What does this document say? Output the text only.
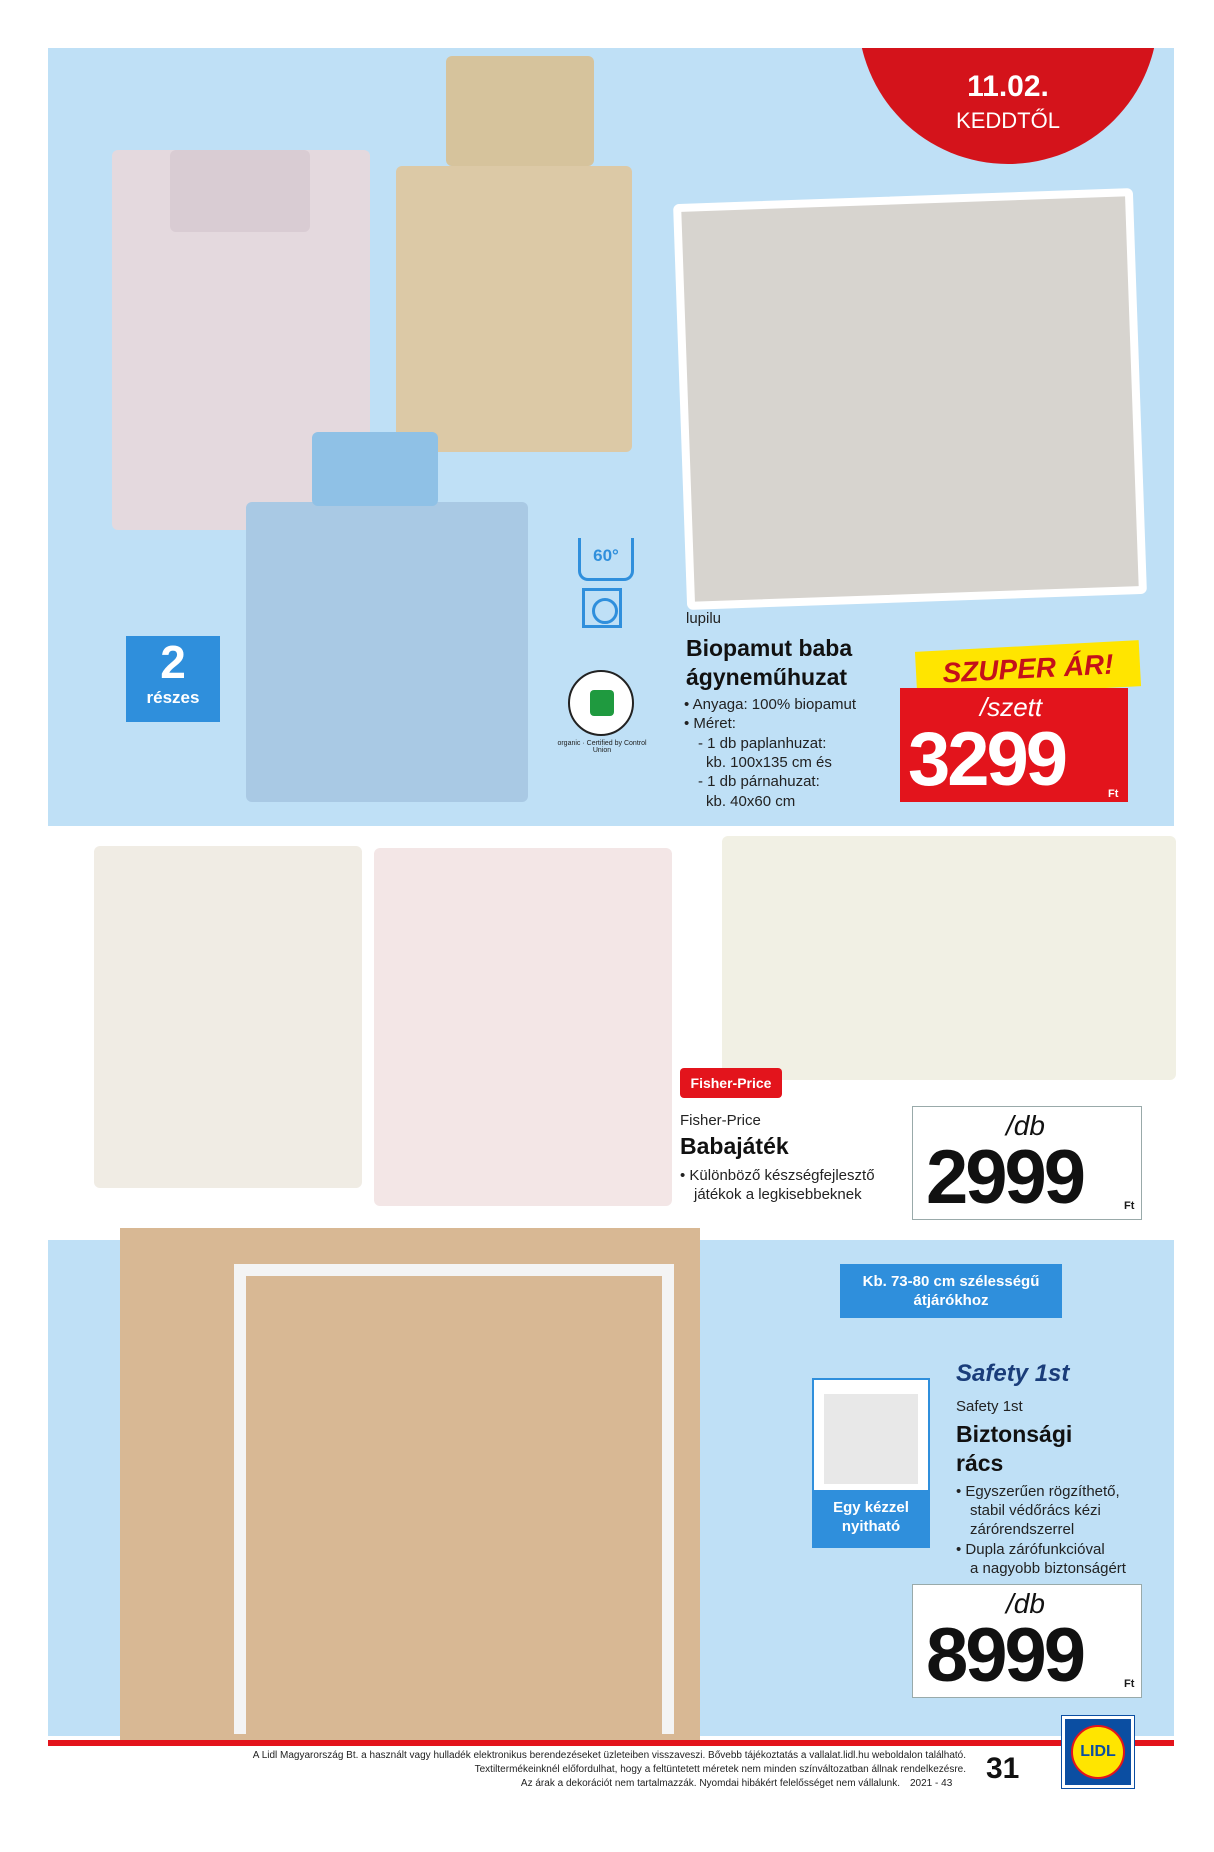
11.02.
KEDDTŐL
2
részes
60°
organic · Certified by Control Union
lupilu
Biopamut baba
ágyneműhuzat
• Anyaga: 100% biopamut
• Méret:
- 1 db paplanhuzat:
kb. 100x135 cm és
- 1 db párnahuzat:
kb. 40x60 cm
SZUPER ÁR!
/szett
3299	Ft
Fisher-Price
Fisher-Price
Babajáték
• Különböző készségfejlesztő
játékok a legkisebbeknek
/db
2999	Ft
Kb. 73-80 cm szélességű
átjárókhoz
Egy kézzel
nyitható
Safety 1st
Safety 1st
Biztonsági
rács
• Egyszerűen rögzíthető,
stabil védőrács kézi
zárórendszerrel
• Dupla zárófunkcióval
a nagyobb biztonságért
/db
8999	Ft
A Lidl Magyarország Bt. a használt vagy hulladék elektronikus berendezéseket üzleteiben visszaveszi. Bővebb tájékoztatás a vallalat.lidl.hu weboldalon található.
Textiltermékeinknél előfordulhat, hogy a feltüntetett méretek nem minden színváltozatban állnak rendelkezésre.
Az árak a dekorációt nem tartalmazzák. Nyomdai hibákért felelősséget nem vállalunk. 2021 - 43 31
LIDL
